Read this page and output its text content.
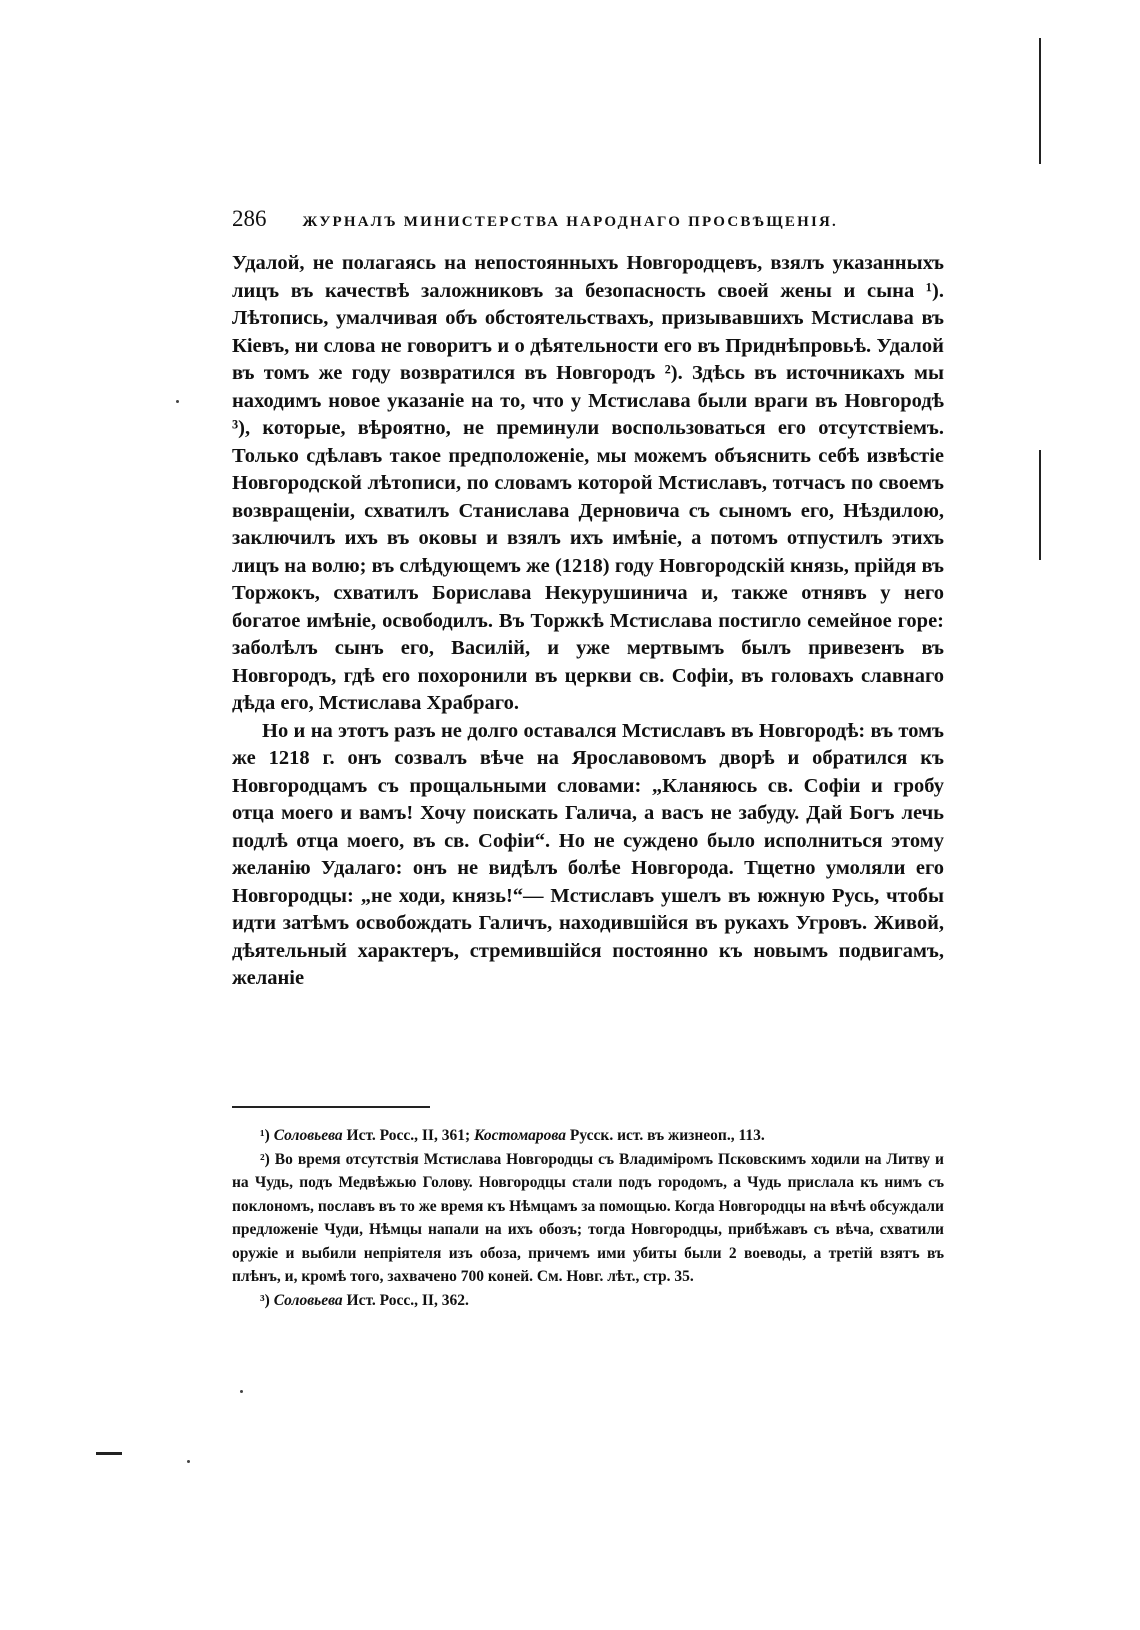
286 ЖУРНАЛЪ МИНИСТЕРСТВА НАРОДНАГО ПРОСВѢЩЕНІЯ.

Удалой, не полагаясь на непостоянныхъ Новгородцевъ, взялъ указанныхъ лицъ въ качествѣ заложниковъ за безопасность своей жены и сына ¹). Лѣтопись, умалчивая объ обстоятельствахъ, призывавшихъ Мстислава въ Кіевъ, ни слова не говоритъ и о дѣятельности его въ Приднѣпровьѣ. Удалой въ томъ же году возвратился въ Новгородъ ²). Здѣсь въ источникахъ мы находимъ новое указаніе на то, что у Мстислава были враги въ Новгородѣ ³), которые, вѣроятно, не преминули воспользоваться его отсутствіемъ. Только сдѣлавъ такое предположеніе, мы можемъ объяснить себѣ извѣстіе Новгородской лѣтописи, по словамъ которой Мстиславъ, тотчасъ по своемъ возвращеніи, схватилъ Станислава Дерновича съ сыномъ его, Нѣздилою, заключилъ ихъ въ оковы и взялъ ихъ имѣніе, а потомъ отпустилъ этихъ лицъ на волю; въ слѣдующемъ же (1218) году Новгородскій князь, прійдя въ Торжокъ, схватилъ Борислава Некурушинича и, также отнявъ у него богатое имѣніе, освободилъ. Въ Торжкѣ Мстислава постигло семейное горе: заболѣлъ сынъ его, Василій, и уже мертвымъ былъ привезенъ въ Новгородъ, гдѣ его похоронили въ церкви св. Софіи, въ головахъ славнаго дѣда его, Мстислава Храбраго.

Но и на этотъ разъ не долго оставался Мстиславъ въ Новгородѣ: въ томъ же 1218 г. онъ созвалъ вѣче на Ярославовомъ дворѣ и обратился къ Новгородцамъ съ прощальными словами: „Кланяюсь св. Софіи и гробу отца моего и вамъ! Хочу поискать Галича, а васъ не забуду. Дай Богъ лечь подлѣ отца моего, въ св. Софіи“. Но не суждено было исполниться этому желанію Удалаго: онъ не видѣлъ болѣе Новгорода. Тщетно умоляли его Новгородцы: „не ходи, князь!“— Мстиславъ ушелъ въ южную Русь, чтобы идти затѣмъ освобождать Галичъ, находившійся въ рукахъ Угровъ. Живой, дѣятельный характеръ, стремившійся постоянно къ новымъ подвигамъ, желаніе

¹) Соловьева Ист. Росс., II, 361; Костомарова Русск. ист. въ жизнеоп., 113.

²) Во время отсутствія Мстислава Новгородцы съ Владиміромъ Псковскимъ ходили на Литву и на Чудь, подъ Медвѣжью Голову. Новгородцы стали подъ городомъ, а Чудь прислала къ нимъ съ поклономъ, пославъ въ то же время къ Нѣмцамъ за помощью. Когда Новгородцы на вѣчѣ обсуждали предложеніе Чуди, Нѣмцы напали на ихъ обозъ; тогда Новгородцы, прибѣжавъ съ вѣча, схватили оружіе и выбили непріятеля изъ обоза, причемъ ими убиты были 2 воеводы, а третій взятъ въ плѣнъ, и, кромѣ того, захвачено 700 коней. См. Новг. лѣт., стр. 35.

³) Соловьева Ист. Росс., II, 362.
